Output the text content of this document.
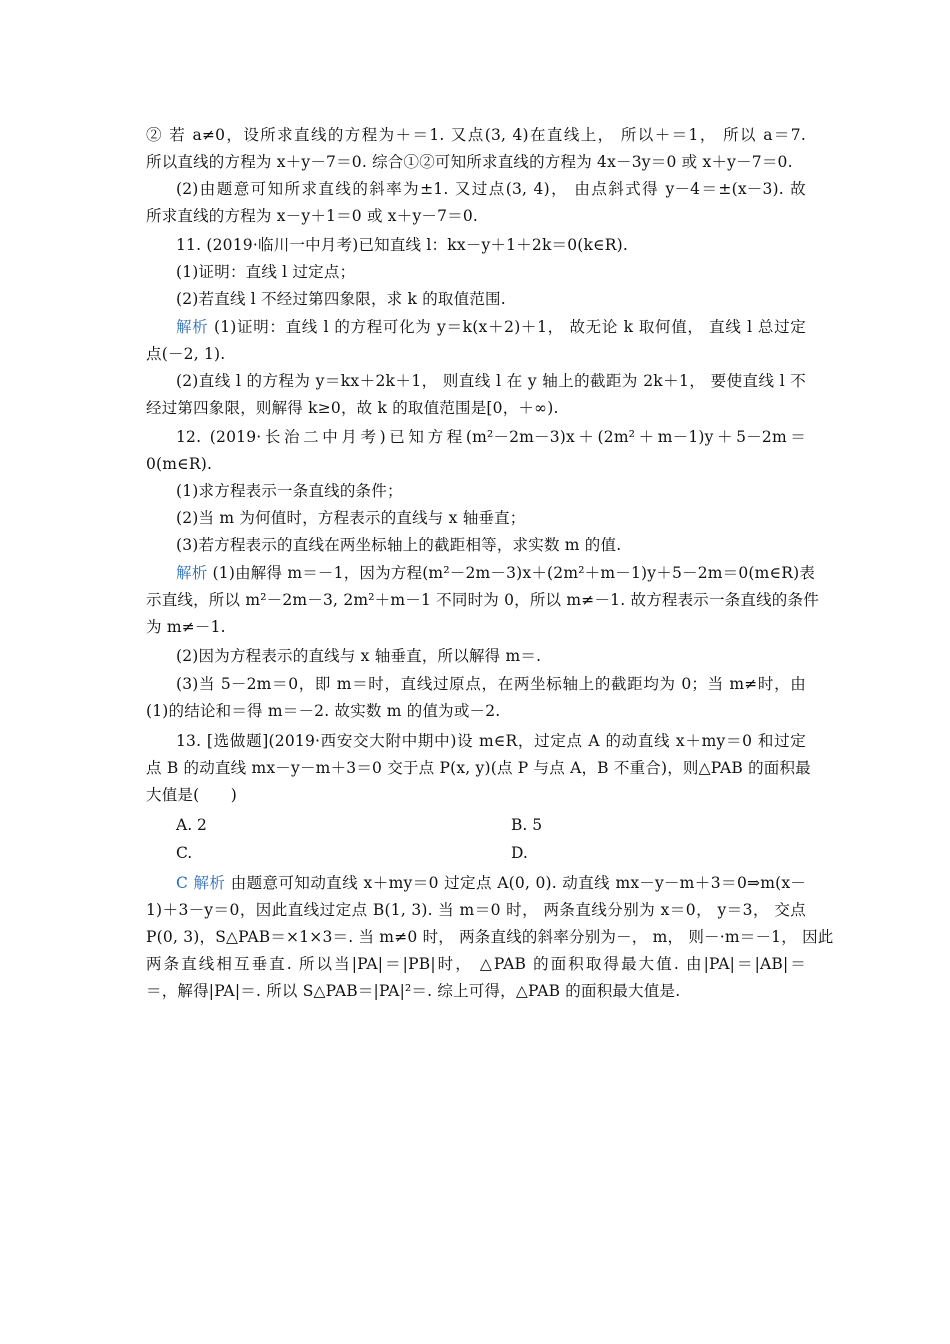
② 若 a≠0，设所求直线的方程为＋＝1. 又点(3, 4)在直线上， 所以＋＝1， 所以 a＝7.
所以直线的方程为 x＋y－7＝0. 综合①②可知所求直线的方程为 4x－3y＝0 或 x＋y－7＝0.
(2)由题意可知所求直线的斜率为±1. 又过点(3, 4)， 由点斜式得 y－4＝±(x－3). 故
所求直线的方程为 x－y＋1＝0 或 x＋y－7＝0.
11. (2019·临川一中月考)已知直线 l：kx－y＋1＋2k＝0(k∈R).
(1)证明：直线 l 过定点；
(2)若直线 l 不经过第四象限，求 k 的取值范围.
解析 (1)证明：直线 l 的方程可化为 y＝k(x＋2)＋1， 故无论 k 取何值， 直线 l 总过定
点(－2, 1).
(2)直线 l 的方程为 y＝kx＋2k＋1， 则直线 l 在 y 轴上的截距为 2k＋1， 要使直线 l 不
经过第四象限，则解得 k≥0，故 k 的取值范围是[0，＋∞).
12. (2019·长治二中月考)已知方程(m²－2m－3)x＋(2m²＋m－1)y＋5－2m＝
0(m∈R).
(1)求方程表示一条直线的条件；
(2)当 m 为何值时，方程表示的直线与 x 轴垂直；
(3)若方程表示的直线在两坐标轴上的截距相等，求实数 m 的值.
解析 (1)由解得 m＝－1，因为方程(m²－2m－3)x＋(2m²＋m－1)y＋5－2m＝0(m∈R)表
示直线，所以 m²－2m－3, 2m²＋m－1 不同时为 0，所以 m≠－1. 故方程表示一条直线的条件
为 m≠－1.
(2)因为方程表示的直线与 x 轴垂直，所以解得 m＝.
(3)当 5－2m＝0，即 m＝时，直线过原点，在两坐标轴上的截距均为 0；当 m≠时，由
(1)的结论和＝得 m＝－2. 故实数 m 的值为或－2.
13. [选做题](2019·西安交大附中期中)设 m∈R，过定点 A 的动直线 x＋my＝0 和过定
点 B 的动直线 mx－y－m＋3＝0 交于点 P(x, y)(点 P 与点 A，B 不重合)，则△PAB 的面积最
大值是(　　)
A. 2	B. 5
C.	D.
C 解析 由题意可知动直线 x＋my＝0 过定点 A(0, 0). 动直线 mx－y－m＋3＝0⇒m(x－
1)＋3－y＝0，因此直线过定点 B(1, 3). 当 m＝0 时， 两条直线分别为 x＝0， y＝3， 交点
P(0, 3)，S△PAB＝×1×3＝. 当 m≠0 时， 两条直线的斜率分别为－， m， 则－·m＝－1， 因此
两条直线相互垂直. 所以当|PA|＝|PB|时， △PAB 的面积取得最大值. 由|PA|＝|AB|＝
＝，解得|PA|＝. 所以 S△PAB＝|PA|²＝. 综上可得，△PAB 的面积最大值是.
